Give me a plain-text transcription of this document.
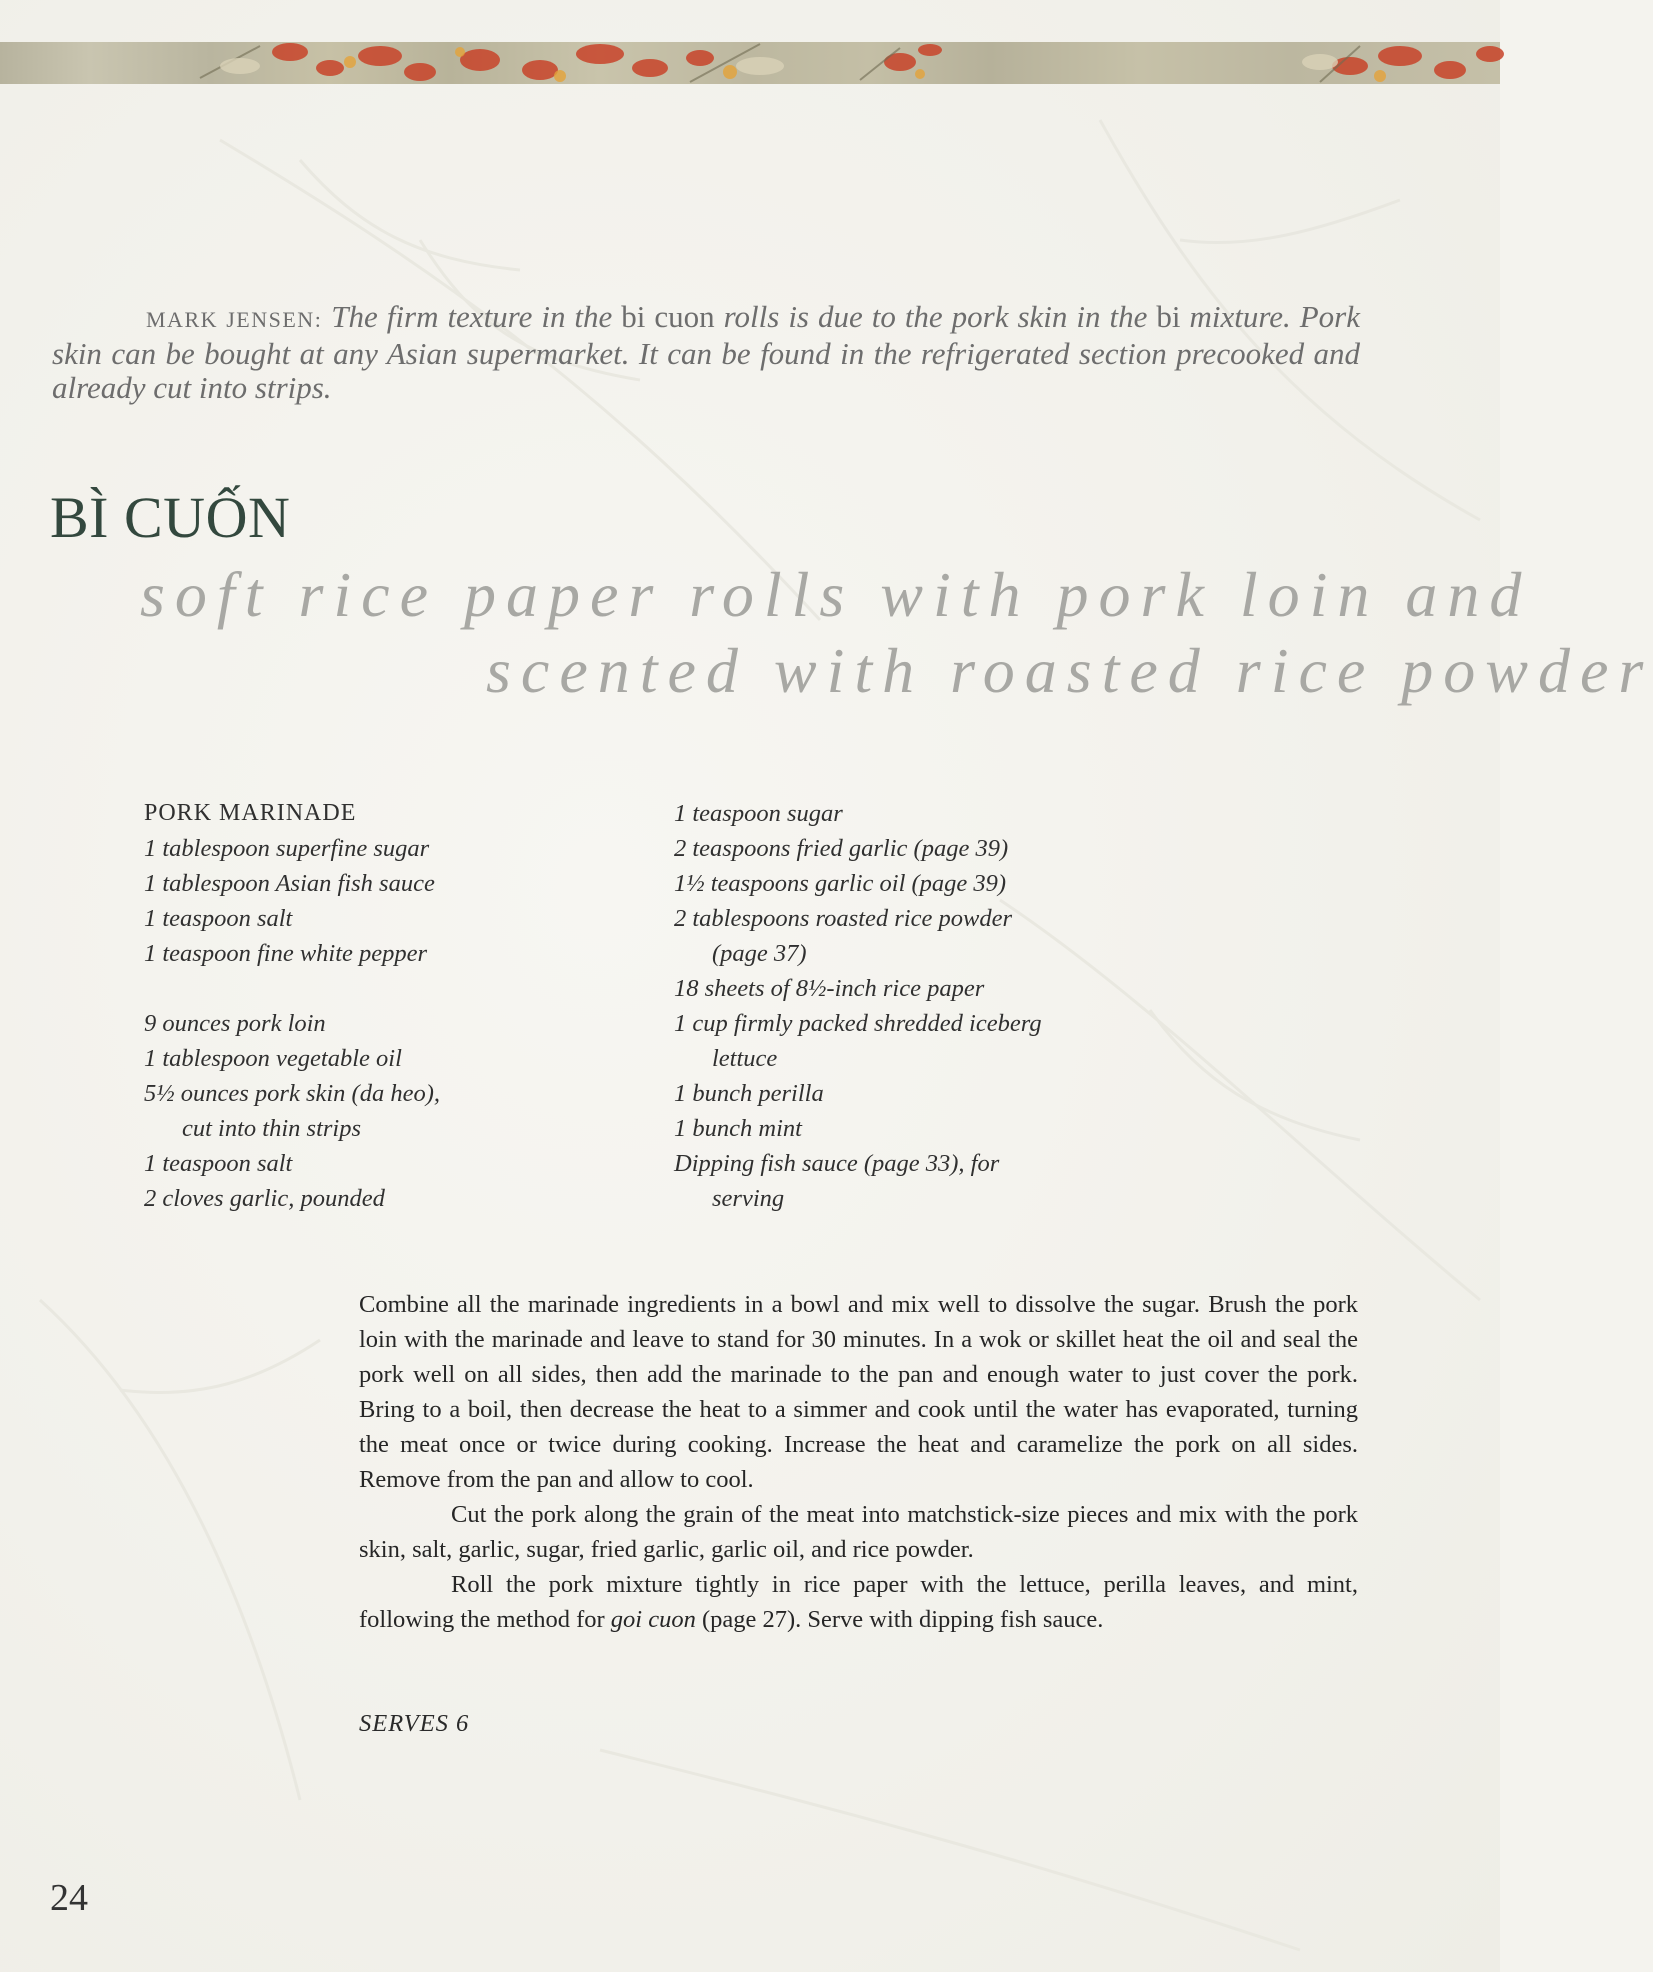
MARK JENSEN: The firm texture in the bi cuon rolls is due to the pork skin in the bi mixture. Pork skin can be bought at any Asian supermarket. It can be found in the refrigerated section precooked and already cut into strips.
BÌ CUỐN
soft rice paper rolls with pork loin and
scented with roasted rice powder
PORK MARINADE
1 tablespoon superfine sugar
1 tablespoon Asian fish sauce
1 teaspoon salt
1 teaspoon fine white pepper
9 ounces pork loin
1 tablespoon vegetable oil
5½ ounces pork skin (da heo),
cut into thin strips
1 teaspoon salt
2 cloves garlic, pounded
1 teaspoon sugar
2 teaspoons fried garlic (page 39)
1½ teaspoons garlic oil (page 39)
2 tablespoons roasted rice powder
(page 37)
18 sheets of 8½-inch rice paper
1 cup firmly packed shredded iceberg
lettuce
1 bunch perilla
1 bunch mint
Dipping fish sauce (page 33), for
serving

Combine all the marinade ingredients in a bowl and mix well to dissolve the sugar. Brush the pork loin with the marinade and leave to stand for 30 minutes. In a wok or skillet heat the oil and seal the pork well on all sides, then add the marinade to the pan and enough water to just cover the pork. Bring to a boil, then decrease the heat to a simmer and cook until the water has evaporated, turning the meat once or twice during cooking. Increase the heat and caramelize the pork on all sides. Remove from the pan and allow to cool.

Cut the pork along the grain of the meat into matchstick-size pieces and mix with the pork skin, salt, garlic, sugar, fried garlic, garlic oil, and rice powder.

Roll the pork mixture tightly in rice paper with the lettuce, perilla leaves, and mint, following the method for goi cuon (page 27). Serve with dipping fish sauce.

SERVES 6
24
